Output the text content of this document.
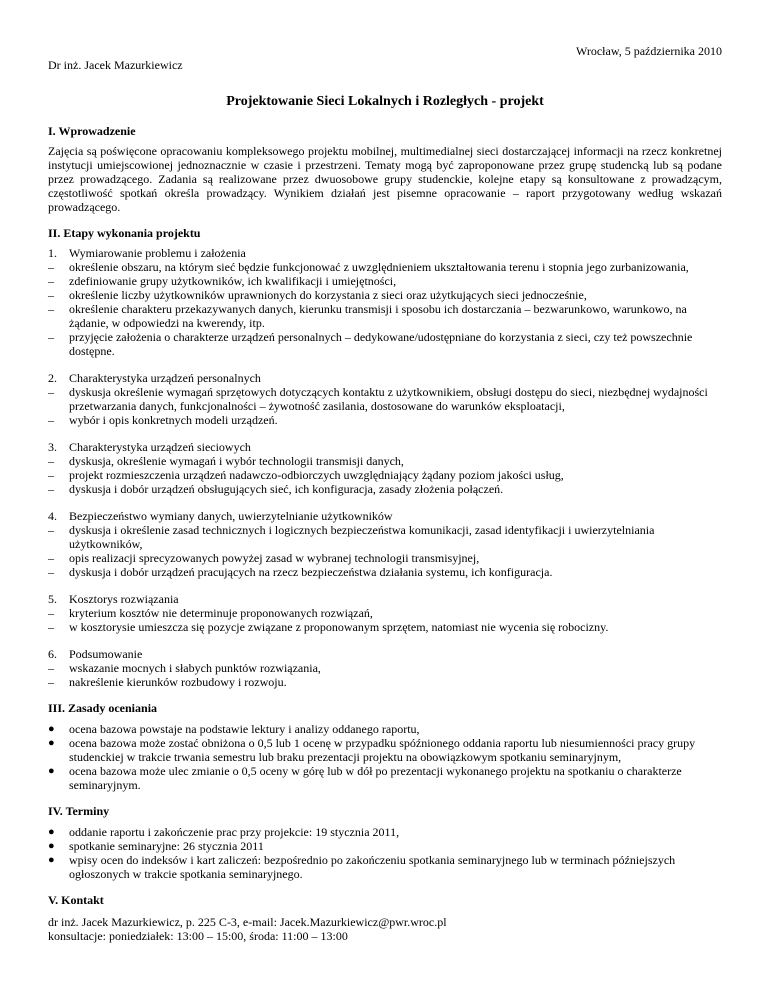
Wrocław, 5 października 2010
Dr inż. Jacek Mazurkiewicz
Projektowanie Sieci Lokalnych i Rozległych - projekt
I. Wprowadzenie
Zajęcia są poświęcone opracowaniu kompleksowego projektu mobilnej, multimedialnej sieci dostarczającej informacji na rzecz konkretnej instytucji umiejscowionej jednoznacznie w czasie i przestrzeni. Tematy mogą być zaproponowane przez grupę studencką lub są podane przez prowadzącego. Zadania są realizowane przez dwuosobowe grupy studenckie, kolejne etapy są konsultowane z prowadzącym, częstotliwość spotkań określa prowadzący. Wynikiem działań jest pisemne opracowanie – raport przygotowany według wskazań prowadzącego.
II. Etapy wykonania projektu
1.	Wymiarowanie problemu i założenia
–	określenie obszaru, na którym sieć będzie funkcjonować z uwzględnieniem ukształtowania terenu i stopnia jego zurbanizowania,
–	zdefiniowanie grupy użytkowników, ich kwalifikacji i umiejętności,
–	określenie liczby użytkowników uprawnionych do korzystania z sieci oraz użytkujących sieci jednocześnie,
–	określenie charakteru przekazywanych danych, kierunku transmisji i sposobu ich dostarczania – bezwarunkowo, warunkowo, na żądanie, w odpowiedzi na kwerendy, itp.
–	przyjęcie założenia o charakterze urządzeń personalnych – dedykowane/udostępniane do korzystania z sieci, czy też powszechnie dostępne.
2.	Charakterystyka urządzeń personalnych
–	dyskusja określenie wymagań sprzętowych dotyczących kontaktu z użytkownikiem, obsługi dostępu do sieci, niezbędnej wydajności przetwarzania danych, funkcjonalności – żywotność zasilania, dostosowane do warunków eksploatacji,
–	wybór i opis konkretnych modeli urządzeń.
3.	Charakterystyka urządzeń sieciowych
–	dyskusja, określenie wymagań i wybór technologii transmisji danych,
–	projekt rozmieszczenia urządzeń nadawczo-odbiorczych uwzględniający żądany poziom jakości usług,
–	dyskusja i dobór urządzeń obsługujących sieć, ich konfiguracja, zasady złożenia połączeń.
4.	Bezpieczeństwo wymiany danych, uwierzytelnianie użytkowników
–	dyskusja i określenie zasad technicznych i logicznych bezpieczeństwa komunikacji, zasad identyfikacji i uwierzytelniania użytkowników,
–	opis realizacji sprecyzowanych powyżej zasad w wybranej technologii transmisyjnej,
–	dyskusja i dobór urządzeń pracujących na rzecz bezpieczeństwa działania systemu, ich konfiguracja.
5.	Kosztorys rozwiązania
–	kryterium kosztów nie determinuje proponowanych rozwiązań,
–	w kosztorysie umieszcza się pozycje związane z proponowanym sprzętem, natomiast nie wycenia się robocizny.
6.	Podsumowanie
–	wskazanie mocnych i słabych punktów rozwiązania,
–	nakreślenie kierunków rozbudowy i rozwoju.
III. Zasady oceniania
●	ocena bazowa powstaje na podstawie lektury i analizy oddanego raportu,
●	ocena bazowa może zostać obniżona o 0,5 lub 1 ocenę w przypadku spóźnionego oddania raportu lub niesumienności pracy grupy studenckiej w trakcie trwania semestru lub braku prezentacji projektu na obowiązkowym spotkaniu seminaryjnym,
●	ocena bazowa może ulec zmianie o 0,5 oceny w górę lub w dół po prezentacji wykonanego projektu na spotkaniu o charakterze seminaryjnym.
IV. Terminy
●	oddanie raportu i zakończenie prac przy projekcie: 19 stycznia 2011,
●	spotkanie seminaryjne: 26 stycznia 2011
●	wpisy ocen do indeksów i kart zaliczeń: bezpośrednio po zakończeniu spotkania seminaryjnego lub w terminach późniejszych ogłoszonych w trakcie spotkania seminaryjnego.
V. Kontakt
dr inż. Jacek Mazurkiewicz, p. 225 C-3, e-mail: Jacek.Mazurkiewicz@pwr.wroc.pl
konsultacje: poniedziałek: 13:00 – 15:00, środa: 11:00 – 13:00
